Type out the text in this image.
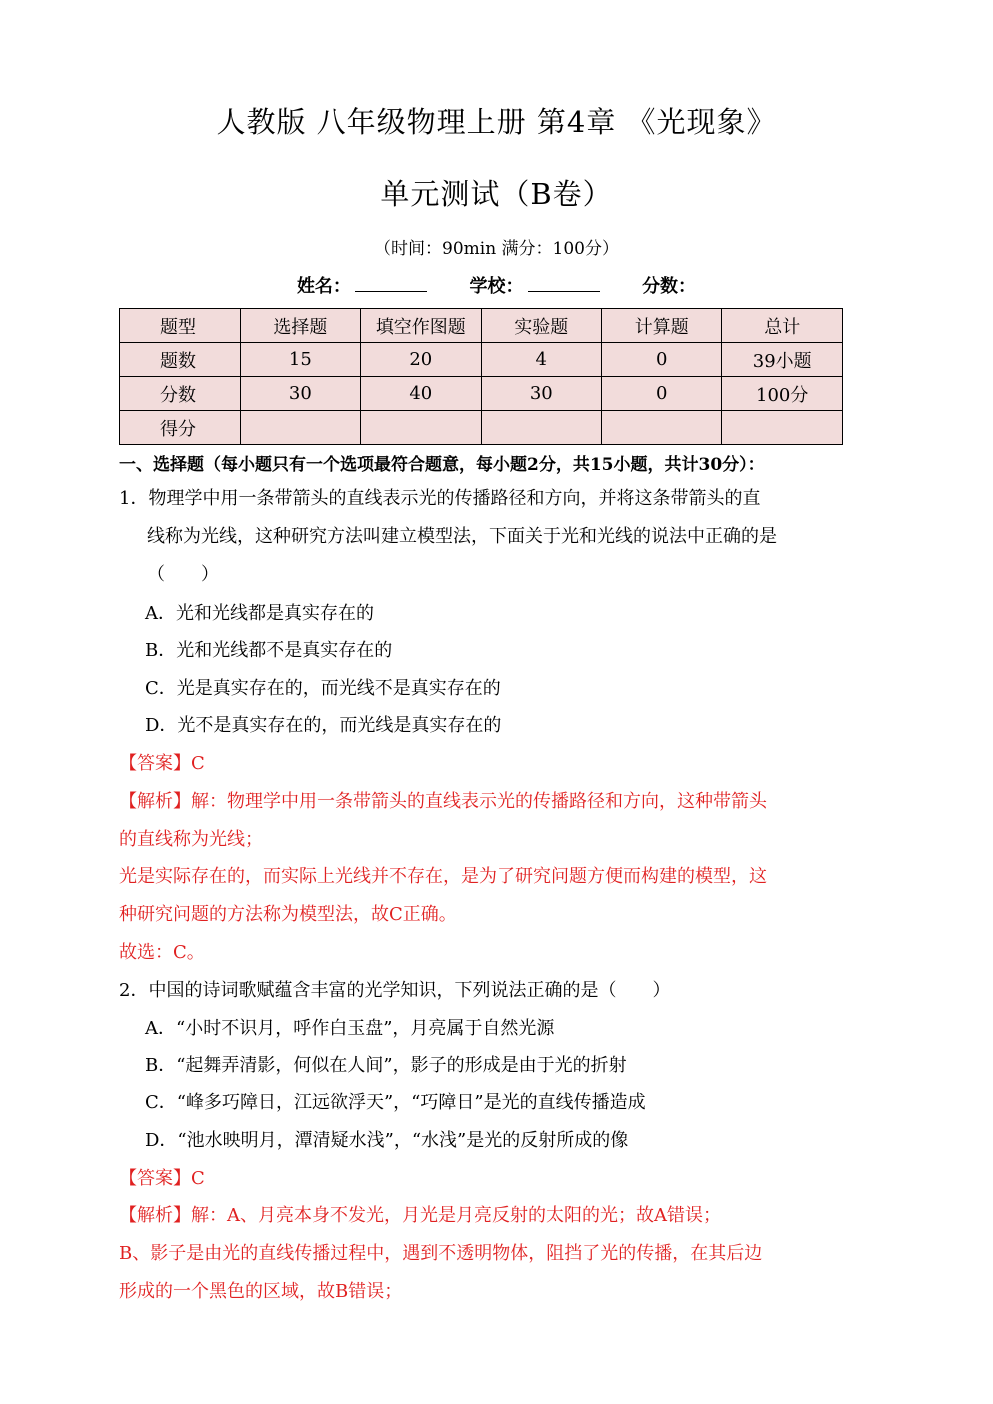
人教版 八年级物理上册 第4章 《光现象》
单元测试（B卷）
（时间：90min 满分：100分）
姓名：	学校：	分数：
题型	选择题	填空作图题	实验题	计算题	总计
题数	15	20	4	0	39小题
分数	30	40	30	0	100分
得分					
一、选择题（每小题只有一个选项最符合题意，每小题2分，共15小题，共计30分）：
1．物理学中用一条带箭头的直线表示光的传播路径和方向，并将这条带箭头的直
线称为光线，这种研究方法叫建立模型法，下面关于光和光线的说法中正确的是
（　　）
A．光和光线都是真实存在的
B．光和光线都不是真实存在的
C．光是真实存在的，而光线不是真实存在的
D．光不是真实存在的，而光线是真实存在的
【答案】C
【解析】解：物理学中用一条带箭头的直线表示光的传播路径和方向，这种带箭头
的直线称为光线；
光是实际存在的，而实际上光线并不存在，是为了研究问题方便而构建的模型，这
种研究问题的方法称为模型法，故C正确。
故选：C。
2．中国的诗词歌赋蕴含丰富的光学知识，下列说法正确的是（　　）
A．“小时不识月，呼作白玉盘”，月亮属于自然光源
B．“起舞弄清影，何似在人间”，影子的形成是由于光的折射
C．“峰多巧障日，江远欲浮天”，“巧障日”是光的直线传播造成
D．“池水映明月，潭清疑水浅”，“水浅”是光的反射所成的像
【答案】C
【解析】解：A、月亮本身不发光，月光是月亮反射的太阳的光；故A错误；
B、影子是由光的直线传播过程中，遇到不透明物体，阻挡了光的传播，在其后边
形成的一个黑色的区域，故B错误；
